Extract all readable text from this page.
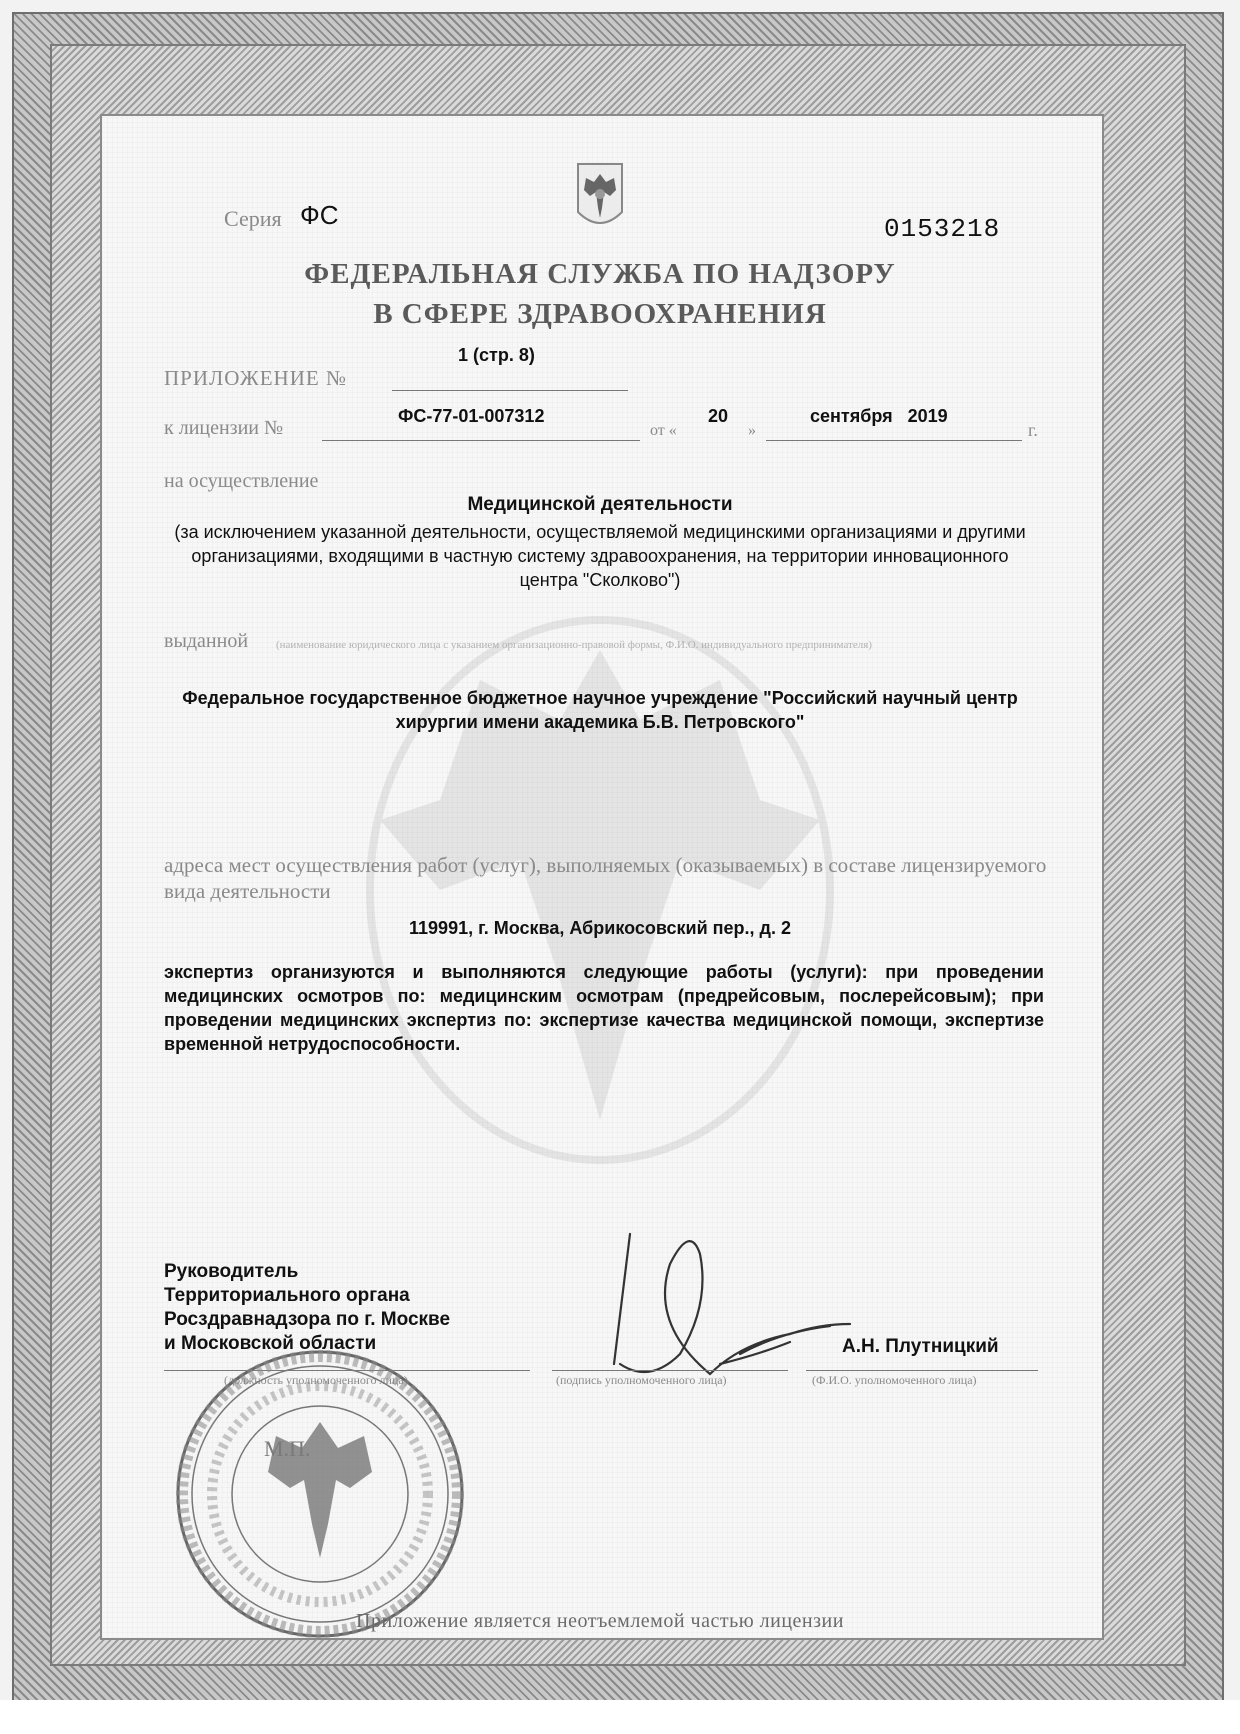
Серия ФС	0153218
ФЕДЕРАЛЬНАЯ СЛУЖБА ПО НАДЗОРУ
В СФЕРЕ ЗДРАВООХРАНЕНИЯ
ПРИЛОЖЕНИЕ №
1 (стр. 8)
к лицензии №
ФС-77-01-007312
от «
20
»
сентября   2019
г.
на осуществление
Медицинской деятельности
(за исключением указанной деятельности, осуществляемой медицинскими организациями и другими организациями, входящими в частную систему здравоохранения, на территории инновационного центра "Сколково")
выданной	(наименование юридического лица с указанием организационно-правовой формы, Ф.И.О. индивидуального предпринимателя)
Федеральное государственное бюджетное научное учреждение "Российский научный центр хирургии имени академика Б.В. Петровского"
адреса мест осуществления работ (услуг), выполняемых (оказываемых) в составе лицензируемого вида деятельности
119991, г. Москва, Абрикосовский пер., д. 2
экспертиз организуются и выполняются следующие работы (услуги): при проведении медицинских осмотров по: медицинским осмотрам (предрейсовым, послерейсовым); при проведении медицинских экспертиз по: экспертизе качества медицинской помощи, экспертизе временной нетрудоспособности.
Руководитель
Территориального органа
Росздравнадзора по г. Москве
и Московской области	А.Н. Плутницкий
(должность уполномоченного лица)	(подпись уполномоченного лица)	(Ф.И.О. уполномоченного лица)
М.П.
Приложение является неотъемлемой частью лицензии
